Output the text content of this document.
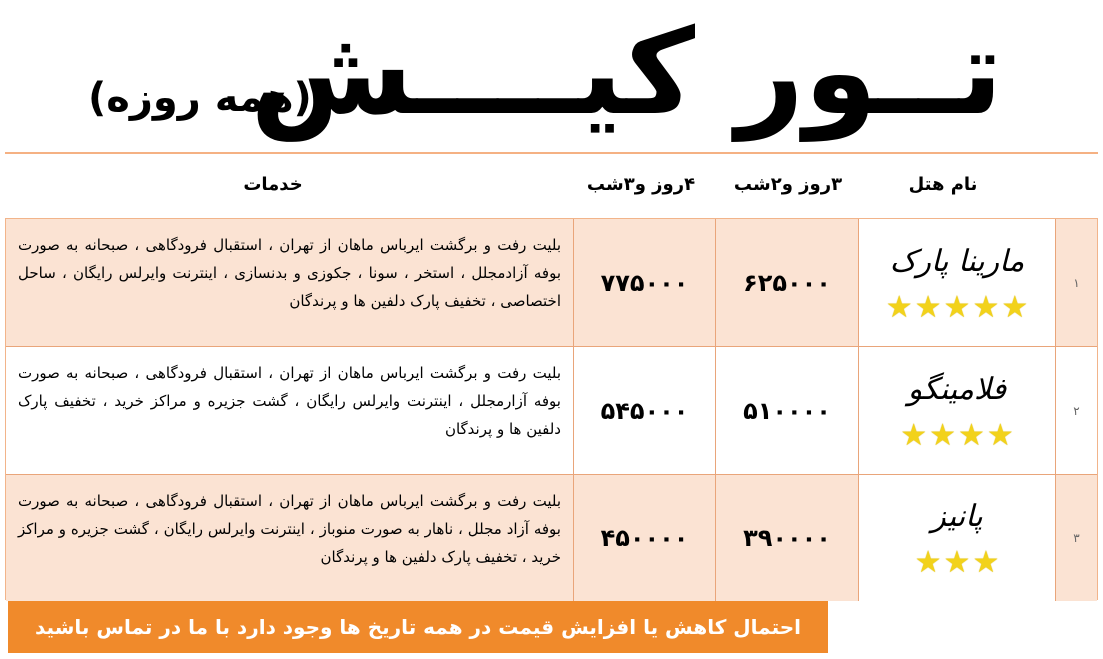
تــور کیــــش
(همه روزه)
نام هتل
۳روز و۲شب
۴روز و۳شب
خدمات
۱
مارینا پارک
★★★★★
۶۲۵۰۰۰
۷۷۵۰۰۰
بلیت رفت و برگشت ایرباس ماهان از تهران ، استقبال فرودگاهی ، صبحانه به صورت بوفه آزادمجلل ، استخر ، سونا ، جکوزی و بدنسازی ، اینترنت وایرلس رایگان ، ساحل اختصاصی ، تخفیف پارک دلفین ها و پرندگان
۲
فلامینگو
★★★★
۵۱۰۰۰۰
۵۴۵۰۰۰
بلیت رفت و برگشت ایرباس ماهان از تهران ، استقبال فرودگاهی ، صبحانه به صورت بوفه آزارمجلل ، اینترنت وایرلس رایگان ، گشت جزیره و مراکز خرید ، تخفیف پارک دلفین ها و پرندگان
۳
پانیز
★★★
۳۹۰۰۰۰
۴۵۰۰۰۰
بلیت رفت و برگشت ایرباس ماهان از تهران ، استقبال فرودگاهی ، صبحانه به صورت بوفه آزاد مجلل ، ناهار به صورت منوباز ، اینترنت وایرلس رایگان ، گشت جزیره و مراکز خرید ، تخفیف پارک دلفین ها و پرندگان
احتمال کاهش یا افزایش قیمت در همه تاریخ ها وجود دارد با ما در تماس باشید
